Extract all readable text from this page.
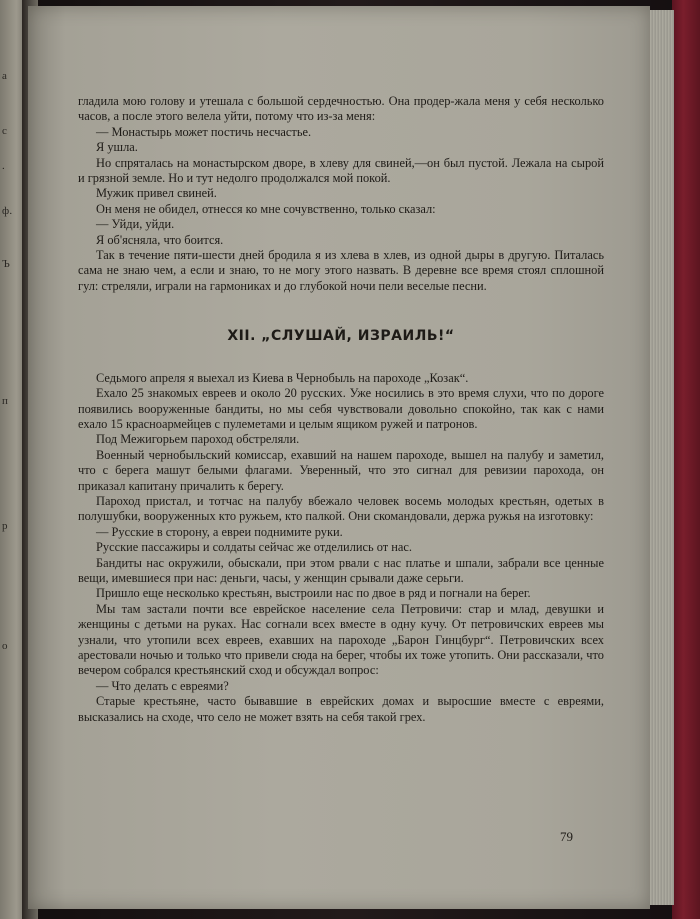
а
с
.
ф.
Ъ
п
р
о

гладила мою голову и утешала с большой сердечностью. Она продер-жала меня у себя несколько часов, а после этого велела уйти, потому что из-за меня:

— Монастырь может постичь несчастье.

Я ушла.

Но спряталась на монастырском дворе, в хлеву для свиней,—он был пустой. Лежала на сырой и грязной земле. Но и тут недолго продолжался мой покой.

Мужик привел свиней.

Он меня не обидел, отнесся ко мне сочувственно, только сказал:

— Уйди, уйди.

Я об'ясняла, что боится.

Так в течение пяти-шести дней бродила я из хлева в хлев, из одной дыры в другую. Питалась сама не знаю чем, а если и знаю, то не могу этого назвать. В деревне все время стоял сплошной гул: стреляли, играли на гармониках и до глубокой ночи пели веселые песни.

XII. „СЛУШАЙ, ИЗРАИЛЬ!“

Седьмого апреля я выехал из Киева в Чернобыль на пароходе „Козак“.

Ехало 25 знакомых евреев и около 20 русских. Уже носились в это время слухи, что по дороге появились вооруженные бандиты, но мы себя чувствовали довольно спокойно, так как с нами ехало 15 красноармейцев с пулеметами и целым ящиком ружей и патронов.

Под Межигорьем пароход обстреляли.

Военный чернобыльский комиссар, ехавший на нашем пароходе, вышел на палубу и заметил, что с берега машут белыми флагами. Уверенный, что это сигнал для ревизии парохода, он приказал капитану причалить к берегу.

Пароход пристал, и тотчас на палубу вбежало человек восемь молодых крестьян, одетых в полушубки, вооруженных кто ружьем, кто палкой. Они скомандовали, держа ружья на изготовку:

— Русские в сторону, а евреи поднимите руки.

Русские пассажиры и солдаты сейчас же отделились от нас.

Бандиты нас окружили, обыскали, при этом рвали с нас платье и шпали, забрали все ценные вещи, имевшиеся при нас: деньги, часы, у женщин срывали даже серьги.

Пришло еще несколько крестьян, выстроили нас по двое в ряд и погнали на берег.

Мы там застали почти все еврейское население села Петровичи: стар и млад, девушки и женщины с детьми на руках. Нас согнали всех вместе в одну кучу. От петровичских евреев мы узнали, что утопили всех евреев, ехавших на пароходе „Барон Гинцбург“. Петровичских всех арестовали ночью и только что привели сюда на берег, чтобы их тоже утопить. Они рассказали, что вечером собрался крестьянский сход и обсуждал вопрос:

— Что делать с евреями?

Старые крестьяне, часто бывавшие в еврейских домах и выросшие вместе с евреями, высказались на сходе, что село не может взять на себя такой грех.

79
